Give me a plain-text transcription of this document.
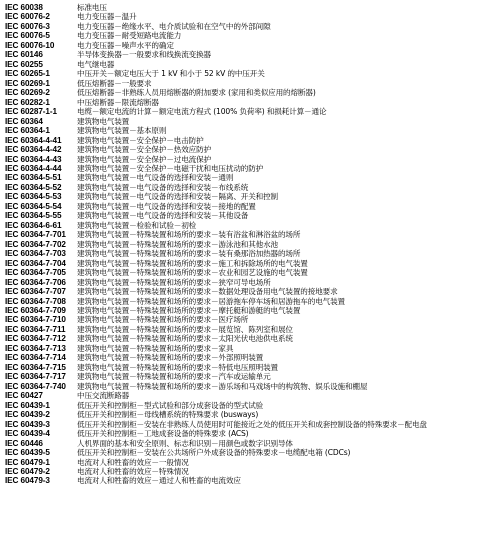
IEC 60038	标准电压
IEC 60076-2	电力变压器－温升
IEC 60076-3	电力变压器－绝缘水平、电介质试验和在空气中的外部间隙
IEC 60076-5	电力变压器－耐受短路电流能力
IEC 60076-10	电力变压器－噪声水平的确定
IEC 60146	半导体变换器－一般要求和线换流变换器
IEC 60255	电气继电器
IEC 60265-1	中压开关－额定电压大于 1 kV 和小于 52 kV 的中压开关
IEC 60269-1	低压熔断器－一般要求
IEC 60269-2	低压熔断器－非熟练人员用熔断器的附加要求 (家用和类似应用的熔断器)
IEC 60282-1	中压熔断器－限流熔断器
IEC 60287-1-1	电缆－额定电流的计算－额定电流方程式 (100% 负荷率) 和损耗计算－通论
IEC 60364	建筑物电气装置
IEC 60364-1	建筑物电气装置－基本原则
IEC 60364-4-41	建筑物电气装置－安全保护－电击防护
IEC 60364-4-42	建筑物电气装置－安全保护－热效应防护
IEC 60364-4-43	建筑物电气装置－安全保护－过电流保护
IEC 60364-4-44	建筑物电气装置－安全保护－电磁干扰和电压扰动的防护
IEC 60364-5-51	建筑物电气装置－电气设备的选择和安装－通则
IEC 60364-5-52	建筑物电气装置－电气设备的选择和安装－布线系统
IEC 60364-5-53	建筑物电气装置－电气设备的选择和安装－隔离、开关和控制
IEC 60364-5-54	建筑物电气装置－电气设备的选择和安装－接地的配置
IEC 60364-5-55	建筑物电气装置－电气设备的选择和安装－其他设备
IEC 60364-6-61	建筑物电气装置－检验和试验－初检
IEC 60364-7-701	建筑物电气装置－特殊装置和场所的要求－装有浴盆和淋浴盆的场所
IEC 60364-7-702	建筑物电气装置－特殊装置和场所的要求－游泳池和其他水池
IEC 60364-7-703	建筑物电气装置－特殊装置和场所的要求－装有桑那浴加热器的场所
IEC 60364-7-704	建筑物电气装置－特殊装置和场所的要求－施工和拆除场所的电气装置
IEC 60364-7-705	建筑物电气装置－特殊装置和场所的要求－农业和园艺设施的电气装置
IEC 60364-7-706	建筑物电气装置－特殊装置和场所的要求－狭窄可导电场所
IEC 60364-7-707	建筑物电气装置－特殊装置和场所的要求－数据处理设备用电气装置的接地要求
IEC 60364-7-708	建筑物电气装置－特殊装置和场所的要求－居游拖车停车场和居游拖车的电气装置
IEC 60364-7-709	建筑物电气装置－特殊装置和场所的要求－摩托艇和游艇的电气装置
IEC 60364-7-710	建筑物电气装置－特殊装置和场所的要求－医疗场所
IEC 60364-7-711	建筑物电气装置－特殊装置和场所的要求－展览馆、陈列室和展位
IEC 60364-7-712	建筑物电气装置－特殊装置和场所的要求－太阳光伏电池供电系统
IEC 60364-7-713	建筑物电气装置－特殊装置和场所的要求－家具
IEC 60364-7-714	建筑物电气装置－特殊装置和场所的要求－外部照明装置
IEC 60364-7-715	建筑物电气装置－特殊装置和场所的要求－特低电压照明装置
IEC 60364-7-717	建筑物电气装置－特殊装置和场所的要求－汽车或运输单元
IEC 60364-7-740	建筑物电气装置－特殊装置和场所的要求－游乐场和马戏场中的构筑物、娱乐设施和棚屋
IEC 60427	中压交流断路器
IEC 60439-1	低压开关和控制柜－型式试验和部分成套设备的型式试验
IEC 60439-2	低压开关和控制柜－母线槽系统的特殊要求 (busways)
IEC 60439-3	低压开关和控制柜－安装在非熟练人员使用时可能接近之处的低压开关和成套控制设备的特殊要求－配电盘
IEC 60439-4	低压开关和控制柜－工地成套设备的特殊要求 (ACS)
IEC 60446	人机界面的基本和安全原则、标志和识别－用颜色或数字识别导体
IEC 60439-5	低压开关和控制柜－安装在公共场所户外成套设备的特殊要求－电缆配电箱 (CDCs)
IEC 60479-1	电流对人和牲畜的效应－一般情况
IEC 60479-2	电流对人和牲畜的效应－特殊情况
IEC 60479-3	电流对人和牲畜的效应－通过人和牲畜的电流效应
